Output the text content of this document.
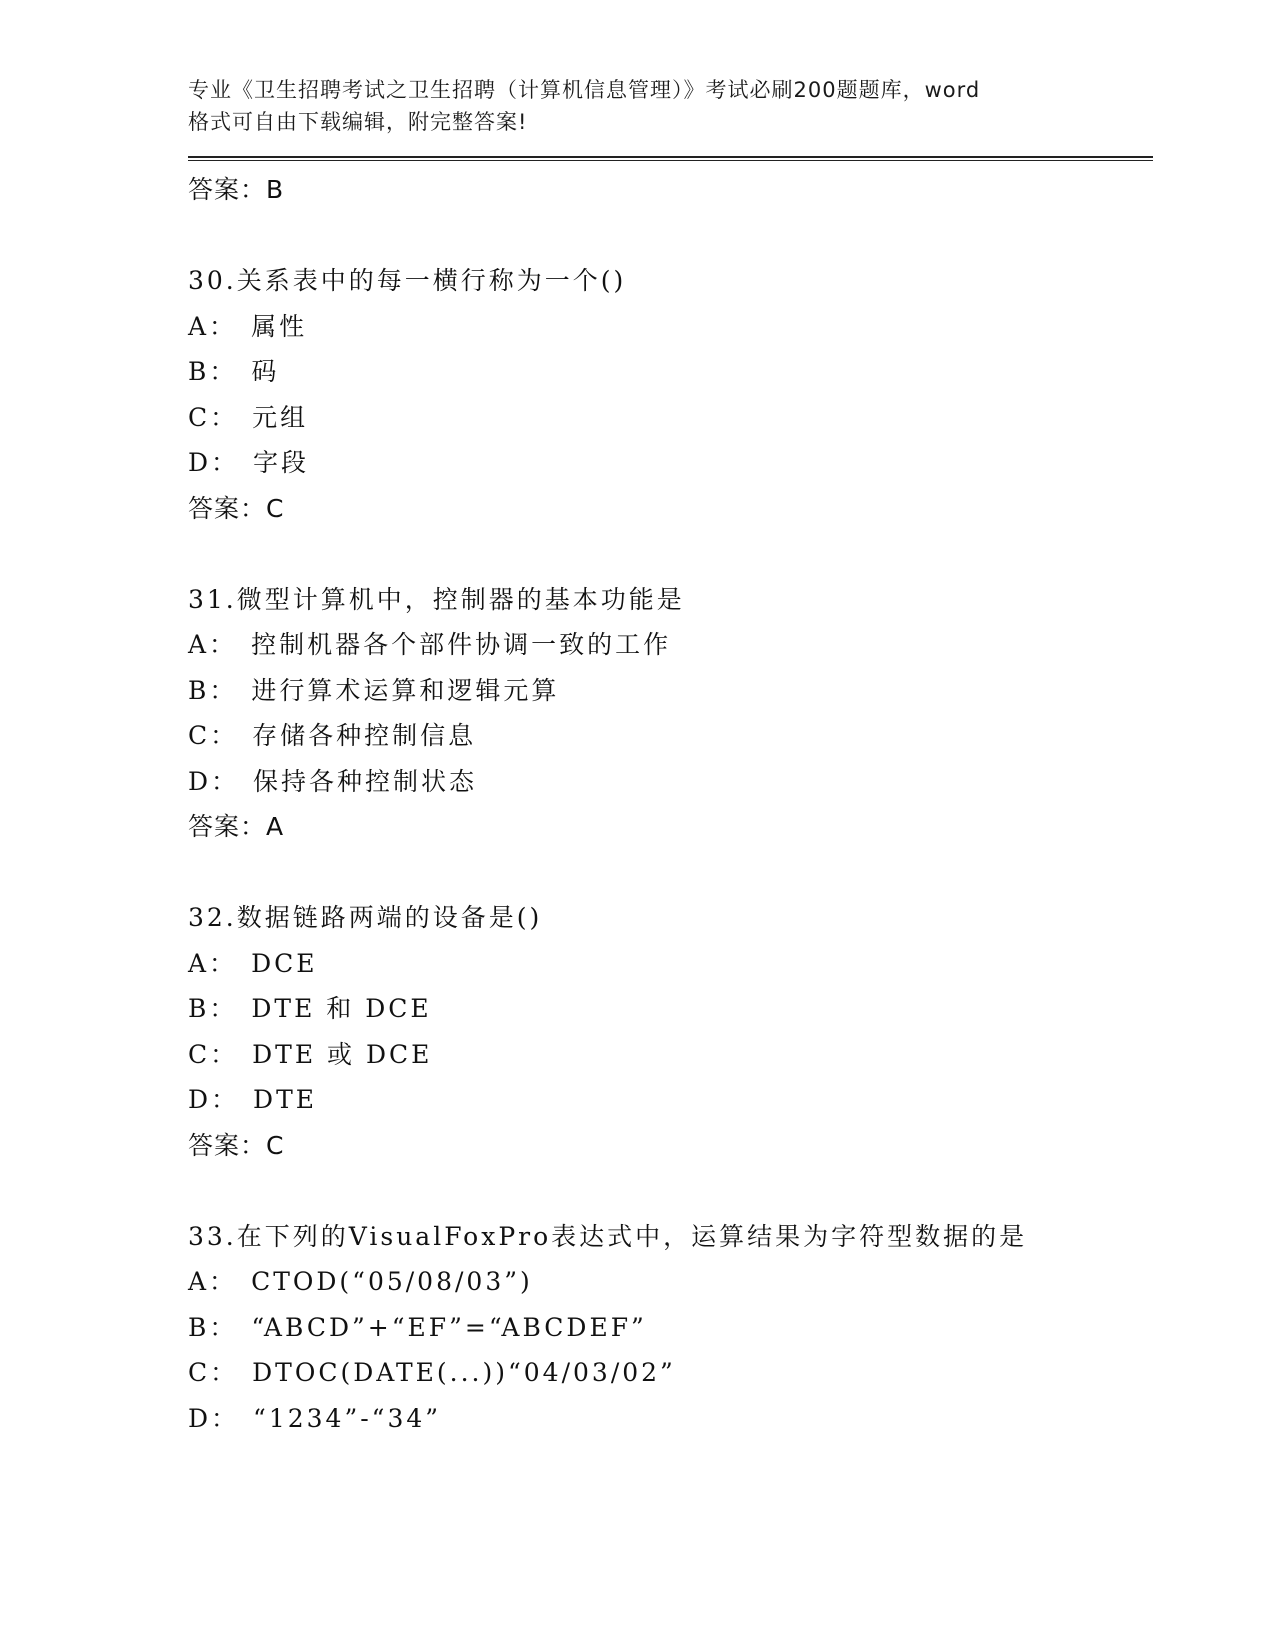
专业《卫生招聘考试之卫生招聘（计算机信息管理）》考试必刷200题题库，word
格式可自由下载编辑，附完整答案!
答案：B
30.关系表中的每一横行称为一个()
A： 属性
B： 码
C： 元组
D： 字段
答案：C
31.微型计算机中，控制器的基本功能是
A： 控制机器各个部件协调一致的工作
B： 进行算术运算和逻辑元算
C： 存储各种控制信息
D： 保持各种控制状态
答案：A
32.数据链路两端的设备是()
A： DCE
B： DTE 和 DCE
C： DTE 或 DCE
D： DTE
答案：C
33.在下列的VisualFoxPro表达式中，运算结果为字符型数据的是
A： CTOD(“05/08/03”)
B： “ABCD”+“EF”=“ABCDEF”
C： DTOC(DATE(...))“04/03/02”
D： “1234”-“34”
